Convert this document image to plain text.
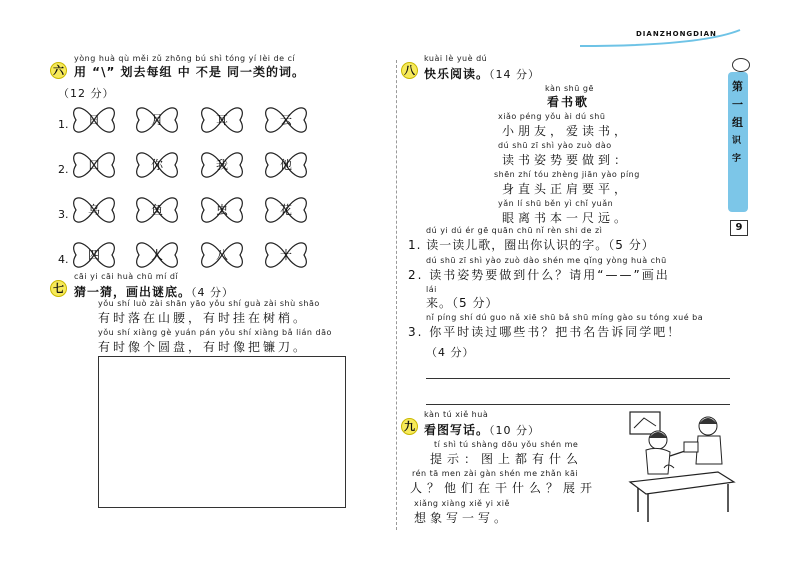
DIANZHONGDIAN
第
一
组
识
字
9
yòng huà qù měi zǔ zhōng bú shì tóng yí lèi de cí
六 用 “\” 划去每组 中 不是 同一类的词。
（12 分）
1.	日	月	耳	云
2.	口	你	我	他
3.	乌	鱼	虫	花
4.	四	人	八	十
cāi yi cāi huà chū mí dǐ
七 猜一猜，画出谜底。（4 分）
yǒu shí luò zài shān yāo yǒu shí guà zài shù shāo
有时落在山腰，有时挂在树梢。
yǒu shí xiàng gè yuán pán yǒu shí xiàng bǎ lián dāo
有时像个圆盘，有时像把镰刀。
kuài lè yuè dú
八 快乐阅读。（14 分）
kàn shū gē
看书歌
xiǎo péng yǒu ài dú shū
小朋友，爱读书，
dú shū zī shì yào zuò dào
读书姿势要做到：
shēn zhí tóu zhèng jiān yào píng
身直头正肩要平，
yǎn lí shū běn yì chǐ yuǎn
眼离书本一尺远。
dú yi dú ér gē quān chū nǐ rèn shi de zì
1. 读一读儿歌，圈出你认识的字。（5 分）
dú shū zī shì yào zuò dào shén me qǐng yòng huà chū
2. 读书姿势要做到什么？请用“——”画出
lái
来。（5 分）
nǐ píng shí dú guo nǎ xiē shū bǎ shū míng gào su tóng xué ba
3. 你平时读过哪些书？把书名告诉同学吧！
（4 分）
kàn tú xiě huà
九 看图写话。（10 分）
tí shì tú shàng dōu yǒu shén me
提示：图上都有什么
rén tā men zài gàn shén me zhǎn kāi
人？他们在干什么？展开
xiǎng xiàng xiě yi xiě
想象写一写。
